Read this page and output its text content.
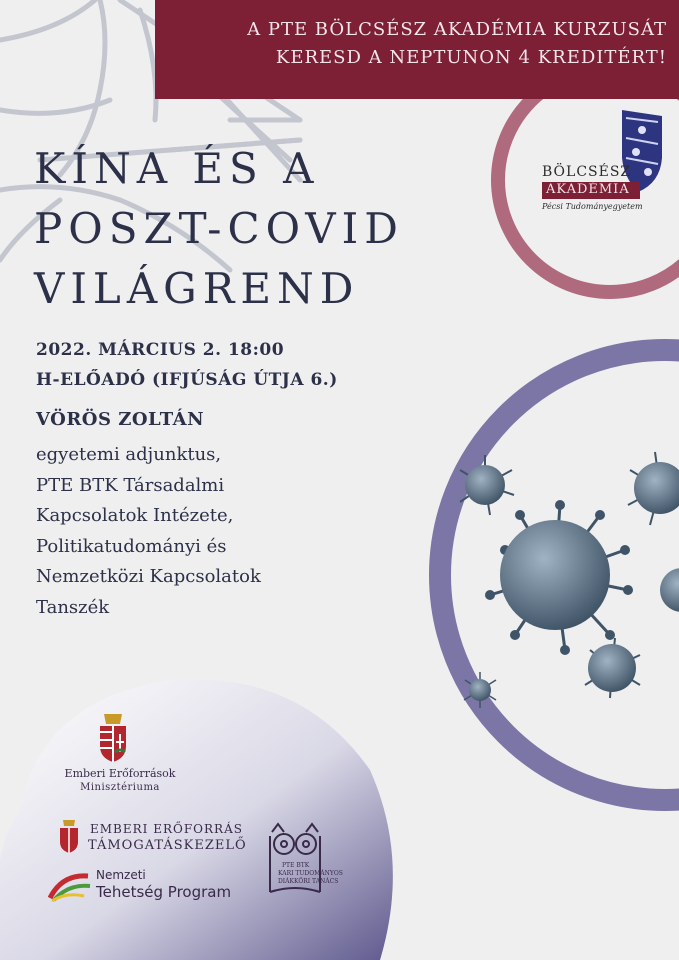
A PTE BÖLCSÉSZ AKADÉMIA KURZUSÁT
KERESD A NEPTUNON 4 KREDITÉRT!
BÖLCSÉSZ
AKADÉMIA
Pécsi Tudományegyetem
KÍNA ÉS A
POSZT-COVID
VILÁGREND
2022. MÁRCIUS 2. 18:00
H-ELŐADÓ (IFJÚSÁG ÚTJA 6.)
VÖRÖS ZOLTÁN
egyetemi adjunktus,
PTE BTK Társadalmi
Kapcsolatok Intézete,
Politikatudományi és
Nemzetközi Kapcsolatok
Tanszék
Emberi Erőforrások
Minisztériuma
EMBERI ERŐFORRÁS
TÁMOGATÁSKEZELŐ
Nemzeti
Tehetség Program
PTE BTK
KARI TUDOMÁNYOS
DIÁKKÖRI TANÁCS
